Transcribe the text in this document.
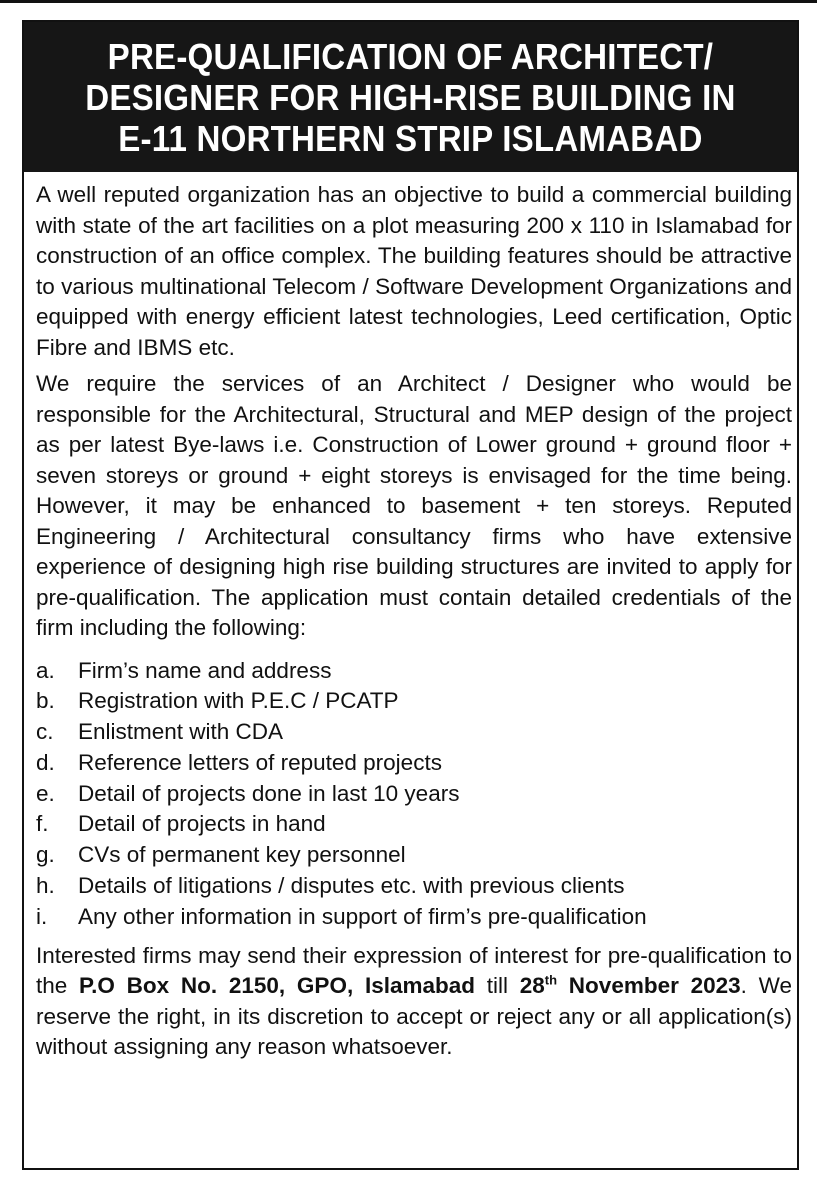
PRE-QUALIFICATION OF ARCHITECT/
DESIGNER FOR HIGH-RISE BUILDING IN
E-11 NORTHERN STRIP ISLAMABAD

A well reputed organization has an objective to build a commercial building with state of the art facilities on a plot measuring 200 x 110 in Islamabad for construction of an office complex. The building features should be attractive to various multinational Telecom / Software Development Organizations and equipped with energy efficient latest technologies, Leed certification, Optic Fibre and IBMS etc.

We require the services of an Architect / Designer who would be responsible for the Architectural, Structural and MEP design of the project as per latest Bye-laws i.e. Construction of Lower ground + ground floor + seven storeys or ground + eight storeys is envisaged for the time being. However, it may be enhanced to basement + ten storeys. Reputed Engineering / Architectural consultancy firms who have extensive experience of designing high rise building structures are invited to apply for pre-qualification. The application must contain detailed credentials of the firm including the following:

a.	Firm’s name and address
b.	Registration with P.E.C / PCATP
c.	Enlistment with CDA
d.	Reference letters of reputed projects
e.	Detail of projects done in last 10 years
f.	Detail of projects in hand
g.	CVs of permanent key personnel
h.	Details of litigations / disputes etc. with previous clients
i.	Any other information in support of firm’s pre-qualification

Interested firms may send their expression of interest for pre-qualification to the P.O Box No. 2150, GPO, Islamabad till 28th November 2023. We reserve the right, in its discretion to accept or reject any or all application(s) without assigning any reason whatsoever.
